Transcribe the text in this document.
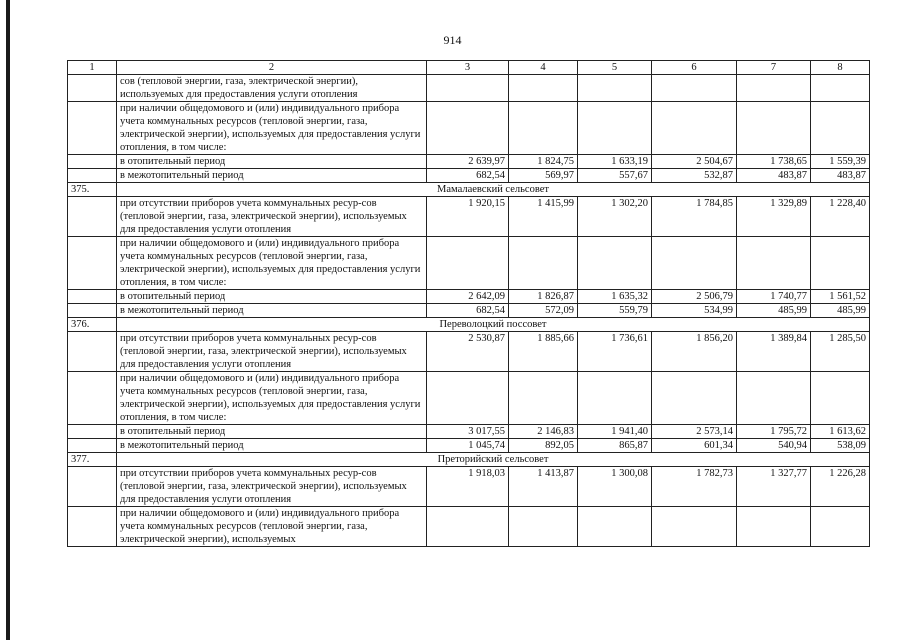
914
1	2	3	4	5	6	7	8
	сов (тепловой энергии, газа, электрической энергии), используемых для предоставления услуги отопления						
	при наличии общедомового и (или) индивидуального прибора учета коммунальных ресурсов (тепловой энергии, газа, электрической энергии), используемых для предоставления услуги отопления, в том числе:						
	в отопительный период	2 639,97	1 824,75	1 633,19	2 504,67	1 738,65	1 559,39
	в межотопительный период	682,54	569,97	557,67	532,87	483,87	483,87
375.	Мамалаевский сельсовет						
	при отсутствии приборов учета коммунальных ресур-сов (тепловой энергии, газа, электрической энергии), используемых для предоставления услуги отопления	1 920,15	1 415,99	1 302,20	1 784,85	1 329,89	1 228,40
	при наличии общедомового и (или) индивидуального прибора учета коммунальных ресурсов (тепловой энергии, газа, электрической энергии), используемых для предоставления услуги отопления, в том числе:						
	в отопительный период	2 642,09	1 826,87	1 635,32	2 506,79	1 740,77	1 561,52
	в межотопительный период	682,54	572,09	559,79	534,99	485,99	485,99
376.	Переволоцкий поссовет						
	при отсутствии приборов учета коммунальных ресур-сов (тепловой энергии, газа, электрической энергии), используемых для предоставления услуги отопления	2 530,87	1 885,66	1 736,61	1 856,20	1 389,84	1 285,50
	при наличии общедомового и (или) индивидуального прибора учета коммунальных ресурсов (тепловой энергии, газа, электрической энергии), используемых для предоставления услуги отопления, в том числе:						
	в отопительный период	3 017,55	2 146,83	1 941,40	2 573,14	1 795,72	1 613,62
	в межотопительный период	1 045,74	892,05	865,87	601,34	540,94	538,09
377.	Преторийский сельсовет						
	при отсутствии приборов учета коммунальных ресур-сов (тепловой энергии, газа, электрической энергии), используемых для предоставления услуги отопления	1 918,03	1 413,87	1 300,08	1 782,73	1 327,77	1 226,28
	при наличии общедомового и (или) индивидуального прибора учета коммунальных ресурсов (тепловой энергии, газа, электрической энергии), используемых						
